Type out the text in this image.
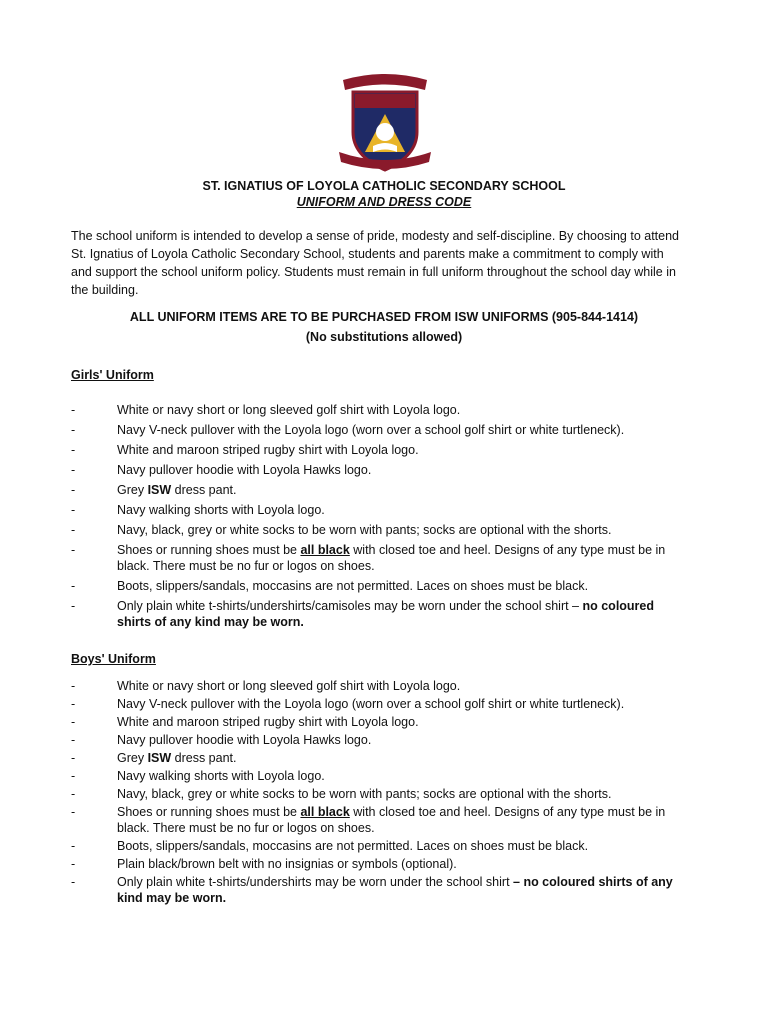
ST. IGNATIUS OF LOYOLA CATHOLIC SECONDARY SCHOOL
UNIFORM AND DRESS CODE

The school uniform is intended to develop a sense of pride, modesty and self-discipline. By choosing to attend St. Ignatius of Loyola Catholic Secondary School, students and parents make a commitment to comply with and support the school uniform policy. Students must remain in full uniform throughout the school day while in the building.

ALL UNIFORM ITEMS ARE TO BE PURCHASED FROM ISW UNIFORMS (905-844-1414)
(No substitutions allowed)
Girls' Uniform
-	White or navy short or long sleeved golf shirt with Loyola logo.
-	Navy V-neck pullover with the Loyola logo (worn over a school golf shirt or white turtleneck).
-	White and maroon striped rugby shirt with Loyola logo.
-	Navy pullover hoodie with Loyola Hawks logo.
-	Grey ISW dress pant.
-	Navy walking shorts with Loyola logo.
-	Navy, black, grey or white socks to be worn with pants; socks are optional with the shorts.
-	Shoes or running shoes must be all black with closed toe and heel. Designs of any type must be in black. There must be no fur or logos on shoes.
-	Boots, slippers/sandals, moccasins are not permitted. Laces on shoes must be black.
-	Only plain white t-shirts/undershirts/camisoles may be worn under the school shirt – no coloured shirts of any kind may be worn.
Boys' Uniform
-	White or navy short or long sleeved golf shirt with Loyola logo.
-	Navy V-neck pullover with the Loyola logo (worn over a school golf shirt or white turtleneck).
-	White and maroon striped rugby shirt with Loyola logo.
-	Navy pullover hoodie with Loyola Hawks logo.
-	Grey ISW dress pant.
-	Navy walking shorts with Loyola logo.
-	Navy, black, grey or white socks to be worn with pants; socks are optional with the shorts.
-	Shoes or running shoes must be all black with closed toe and heel. Designs of any type must be in black. There must be no fur or logos on shoes.
-	Boots, slippers/sandals, moccasins are not permitted. Laces on shoes must be black.
-	Plain black/brown belt with no insignias or symbols (optional).
-	Only plain white t-shirts/undershirts may be worn under the school shirt – no coloured shirts of any kind may be worn.
